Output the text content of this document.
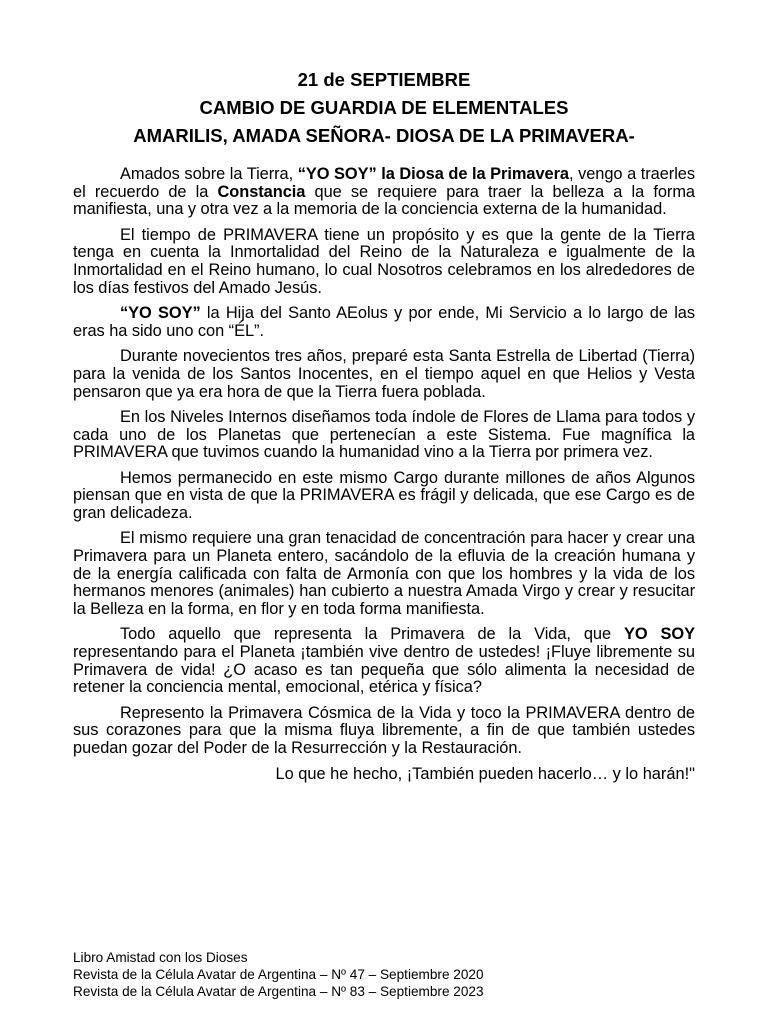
21 de SEPTIEMBRE
CAMBIO DE GUARDIA DE ELEMENTALES
AMARILIS, AMADA SEÑORA- DIOSA DE LA PRIMAVERA-

Amados sobre la Tierra, “YO SOY” la Diosa de la Primavera, vengo a traerles el recuerdo de la Constancia que se requiere para traer la belleza a la forma manifiesta, una y otra vez a la memoria de la conciencia externa de la humanidad.

El tiempo de PRIMAVERA tiene un propósito y es que la gente de la Tierra tenga en cuenta la Inmortalidad del Reino de la Naturaleza e igualmente de la Inmortalidad en el Reino humano, lo cual Nosotros celebramos en los alrededores de los días festivos del Amado Jesús.

“YO SOY” la Hija del Santo AEolus y por ende, Mi Servicio a lo largo de las eras ha sido uno con “ÉL”.

Durante novecientos tres años, preparé esta Santa Estrella de Libertad (Tierra) para la venida de los Santos Inocentes, en el tiempo aquel en que Helios y Vesta pensaron que ya era hora de que la Tierra fuera poblada.

En los Niveles Internos diseñamos toda índole de Flores de Llama para todos y cada uno de los Planetas que pertenecían a este Sistema. Fue magnífica la PRIMAVERA que tuvimos cuando la humanidad vino a la Tierra por primera vez.

Hemos permanecido en este mismo Cargo durante millones de años Algunos piensan que en vista de que la PRIMAVERA es frágil y delicada, que ese Cargo es de gran delicadeza.

El mismo requiere una gran tenacidad de concentración para hacer y crear una Primavera para un Planeta entero, sacándolo de la efluvia de la creación humana y de la energía calificada con falta de Armonía con que los hombres y la vida de los hermanos menores (animales) han cubierto a nuestra Amada Virgo y crear y resucitar la Belleza en la forma, en flor y en toda forma manifiesta.

Todo aquello que representa la Primavera de la Vida, que YO SOY representando para el Planeta ¡también vive dentro de ustedes! ¡Fluye libremente su Primavera de vida! ¿O acaso es tan pequeña que sólo alimenta la necesidad de retener la conciencia mental, emocional, etérica y física?

Represento la Primavera Cósmica de la Vida y toco la PRIMAVERA dentro de sus corazones para que la misma fluya libremente, a fin de que también ustedes puedan gozar del Poder de la Resurrección y la Restauración.

Lo que he hecho, ¡También pueden hacerlo… y lo harán!"

Libro Amistad con los Dioses
Revista de la Célula Avatar de Argentina – Nº 47 – Septiembre 2020
Revista de la Célula Avatar de Argentina – Nº 83 – Septiembre 2023
